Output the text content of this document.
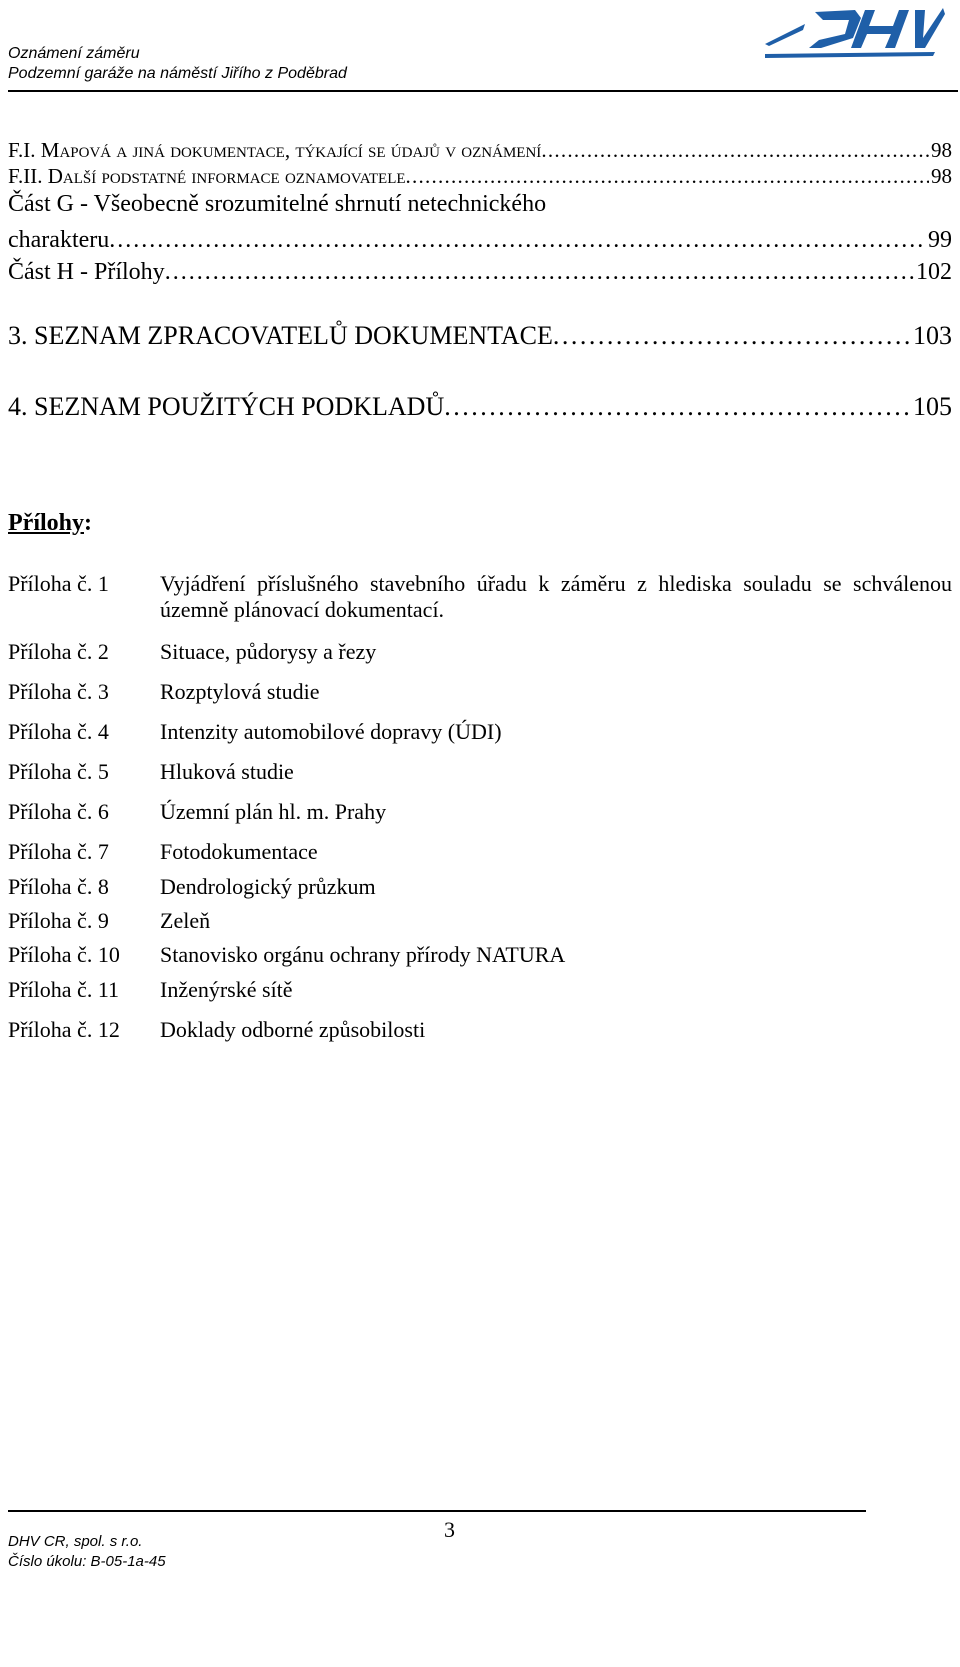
Oznámení záměru
Podzemní garáže na náměstí Jiřího z Poděbrad
F.I. Mapová a jiná dokumentace, týkající se údajů v oznámení . . .	98
F.II. Další podstatné informace oznamovatele . . .	98
Část G - Všeobecně srozumitelné shrnutí netechnického
charakteru . . .	99
Část H - Přílohy . . .	102
3. SEZNAM ZPRACOVATELŮ DOKUMENTACE . . .	103
4. SEZNAM POUŽITÝCH PODKLADŮ . . .	105
Přílohy:
Příloha č. 1	Vyjádření příslušného stavebního úřadu k záměru z hlediska souladu se schválenou územně plánovací dokumentací.
Příloha č. 2	Situace, půdorysy a řezy
Příloha č. 3	Rozptylová studie
Příloha č. 4	Intenzity automobilové dopravy (ÚDI)
Příloha č. 5	Hluková studie
Příloha č. 6	Územní plán hl. m. Prahy
Příloha č. 7	Fotodokumentace
Příloha č. 8	Dendrologický průzkum
Příloha č. 9	Zeleň
Příloha č. 10	Stanovisko orgánu ochrany přírody NATURA
Příloha č. 11	Inženýrské sítě
Příloha č. 12	Doklady odborné způsobilosti
3
DHV CR, spol. s r.o.
Číslo úkolu: B-05-1a-45
